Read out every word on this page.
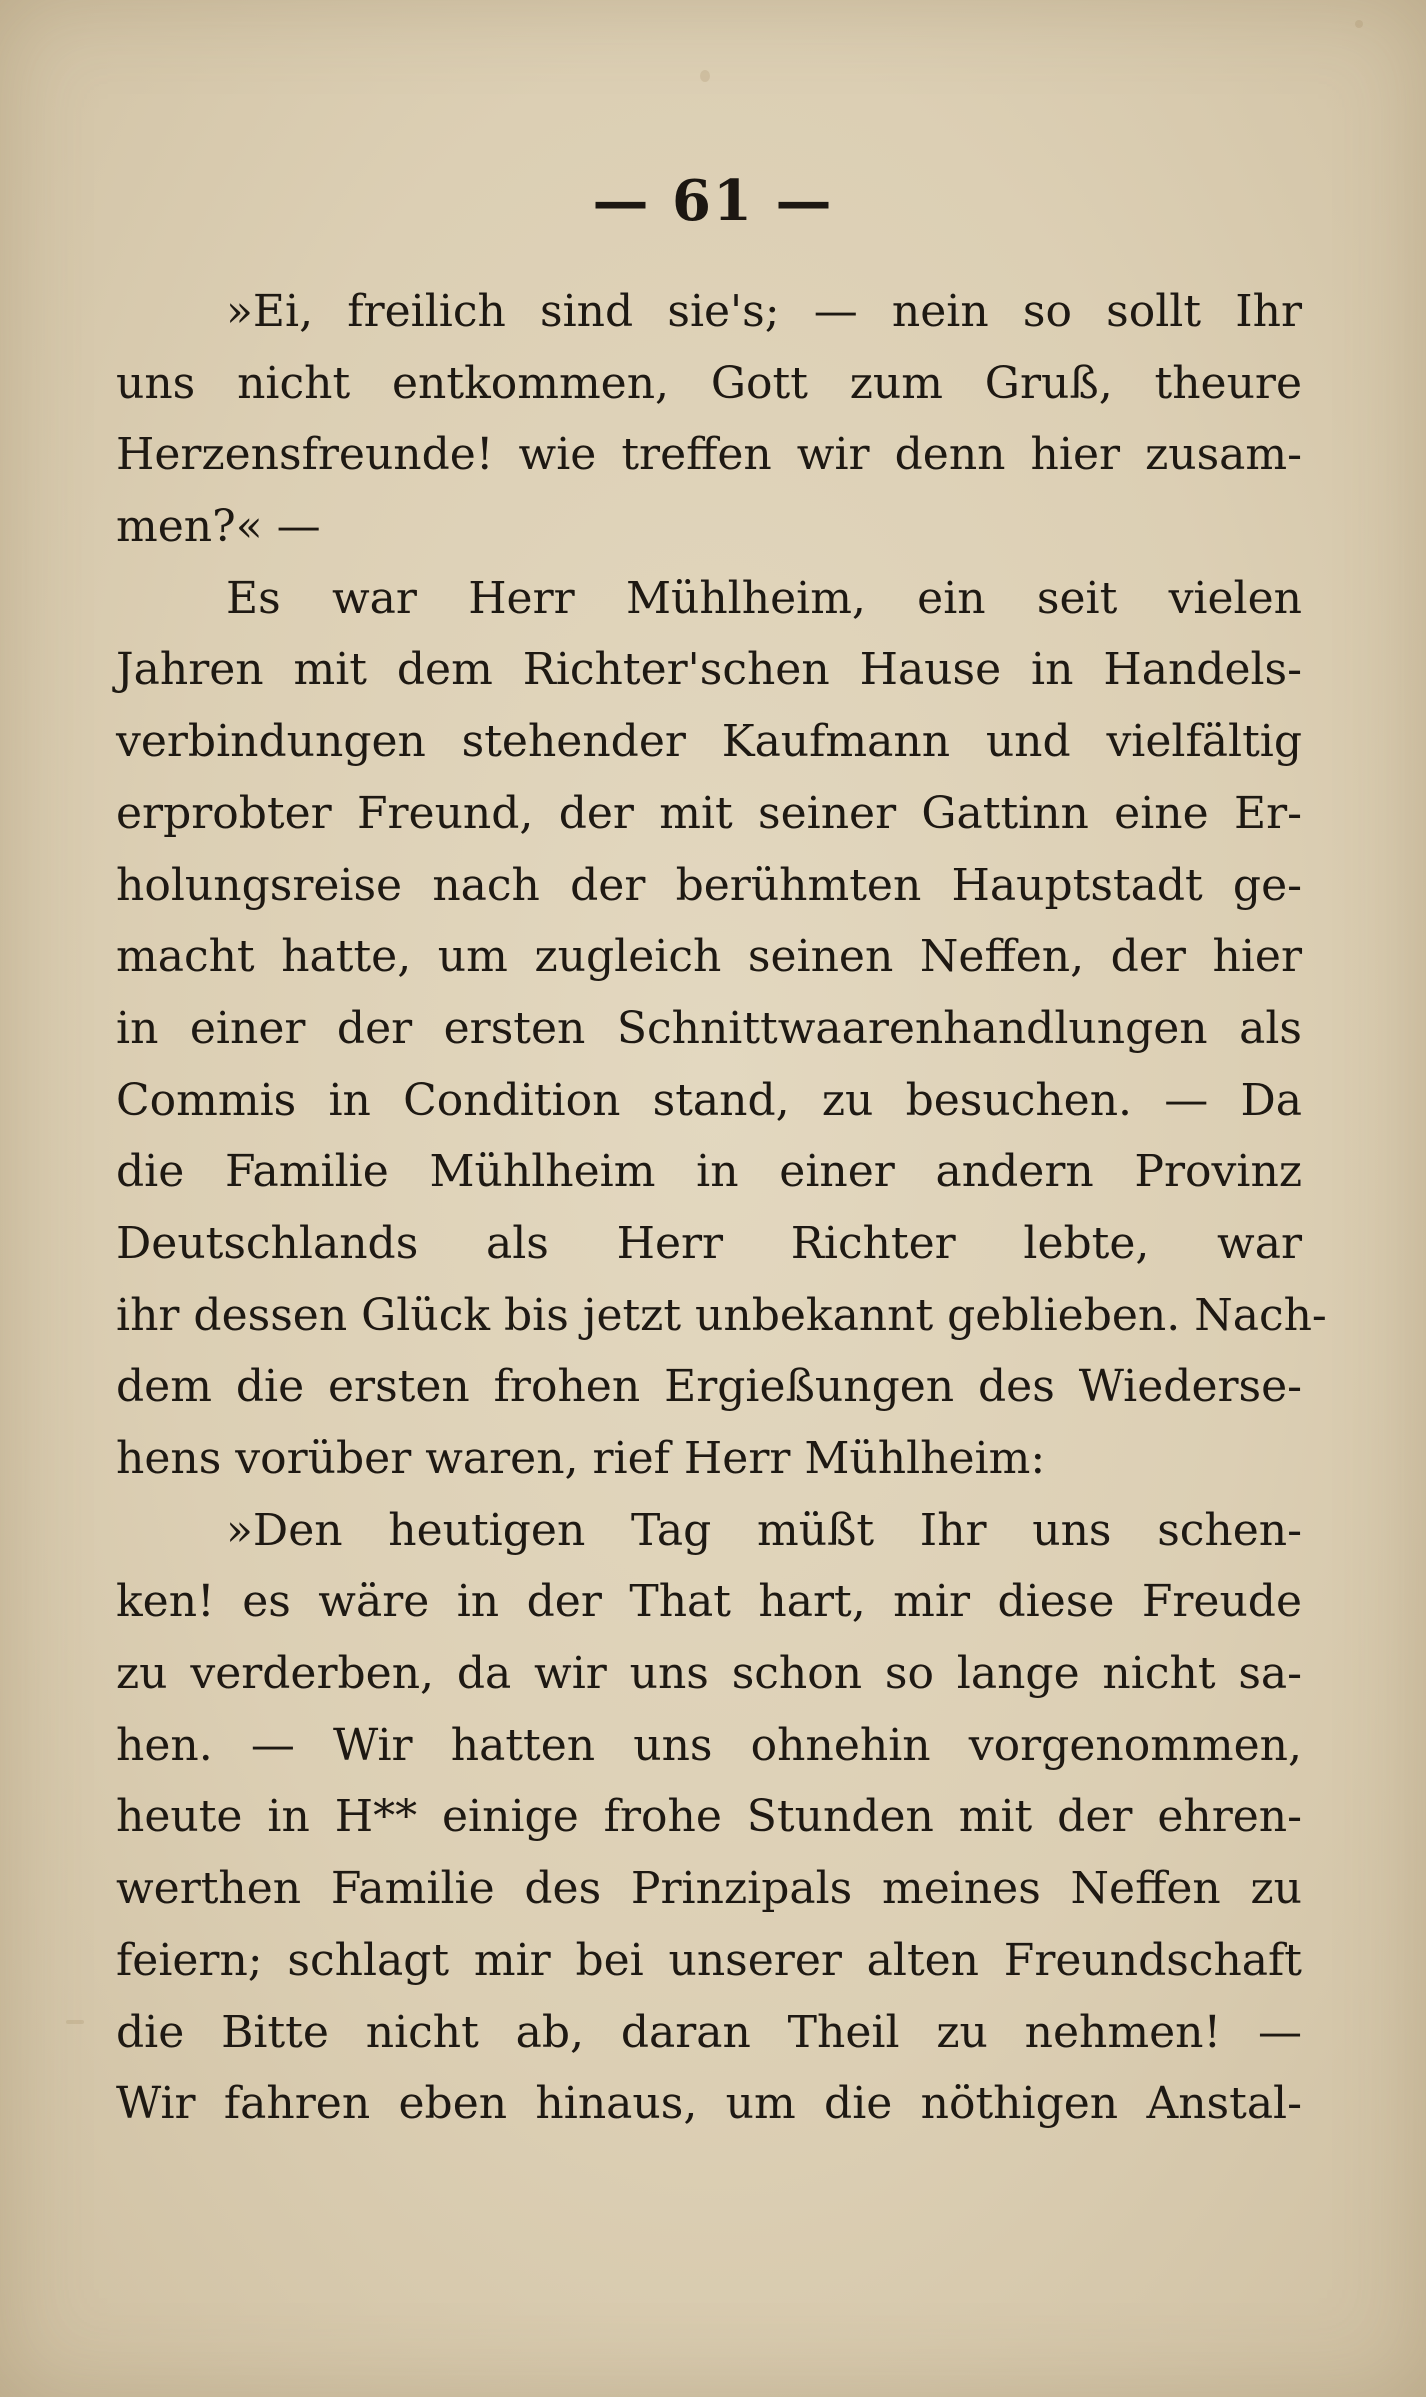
— 61 —
»Ei, freilich sind sie's; — nein so sollt Ihr
uns nicht entkommen, Gott zum Gruß, theure
Herzensfreunde! wie treffen wir denn hier zusam-
men?« —
Es war Herr Mühlheim, ein seit vielen
Jahren mit dem Richter'schen Hause in Handels-
verbindungen stehender Kaufmann und vielfältig
erprobter Freund, der mit seiner Gattinn eine Er-
holungsreise nach der berühmten Hauptstadt ge-
macht hatte, um zugleich seinen Neffen, der hier
in einer der ersten Schnittwaarenhandlungen als
Commis in Condition stand, zu besuchen. — Da
die Familie Mühlheim in einer andern Provinz
Deutschlands als Herr Richter lebte, war
ihr dessen Glück bis jetzt unbekannt geblieben. Nach-
dem die ersten frohen Ergießungen des Wiederse-
hens vorüber waren, rief Herr Mühlheim:
»Den heutigen Tag müßt Ihr uns schen-
ken! es wäre in der That hart, mir diese Freude
zu verderben, da wir uns schon so lange nicht sa-
hen. — Wir hatten uns ohnehin vorgenommen,
heute in H** einige frohe Stunden mit der ehren-
werthen Familie des Prinzipals meines Neffen zu
feiern; schlagt mir bei unserer alten Freundschaft
die Bitte nicht ab, daran Theil zu nehmen! —
Wir fahren eben hinaus, um die nöthigen Anstal-
